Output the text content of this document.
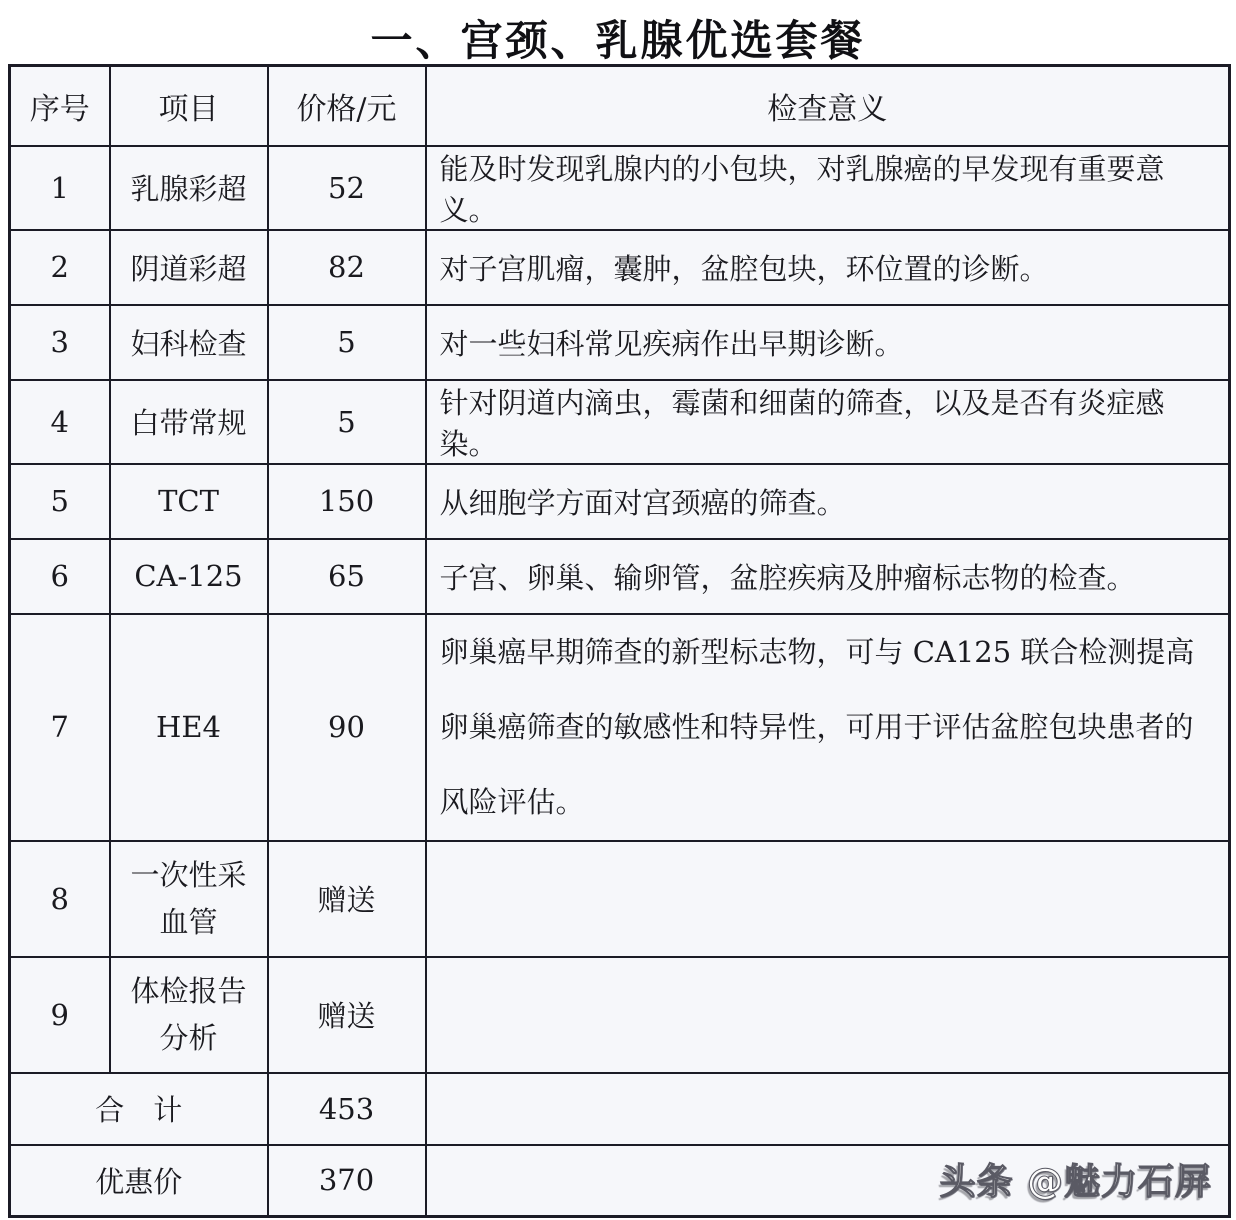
一、宫颈、乳腺优选套餐
序号	项目	价格/元	检查意义
1	乳腺彩超	52	能及时发现乳腺内的小包块，对乳腺癌的早发现有重要意义。
2	阴道彩超	82	对子宫肌瘤，囊肿，盆腔包块，环位置的诊断。
3	妇科检查	5	对一些妇科常见疾病作出早期诊断。
4	白带常规	5	针对阴道内滴虫，霉菌和细菌的筛查，以及是否有炎症感染。
5	TCT	150	从细胞学方面对宫颈癌的筛查。
6	CA-125	65	子宫、卵巢、输卵管，盆腔疾病及肿瘤标志物的检查。
7	HE4	90	卵巢癌早期筛查的新型标志物，可与 CA125 联合检测提高卵巢癌筛查的敏感性和特异性，可用于评估盆腔包块患者的风险评估。
8	一次性采血管	赠送	
9	体检报告分析	赠送	
合　计		453	
优惠价		370	头条 @魅力石屏
